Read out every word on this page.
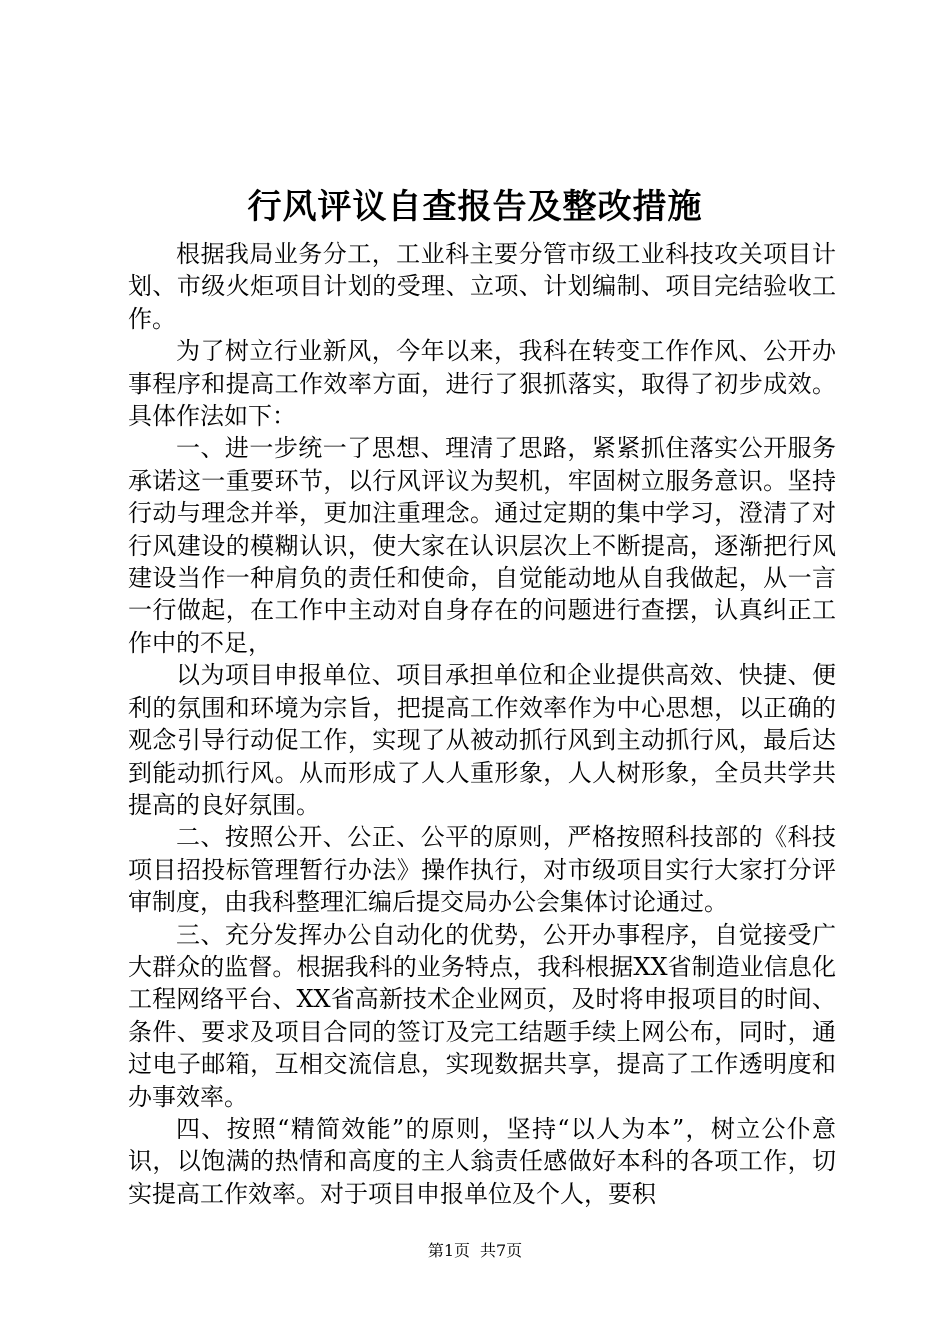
行风评议自查报告及整改措施

根据我局业务分工，工业科主要分管市级工业科技攻关项目计划、市级火炬项目计划的受理、立项、计划编制、项目完结验收工作。

为了树立行业新风，今年以来，我科在转变工作作风、公开办事程序和提高工作效率方面，进行了狠抓落实，取得了初步成效。具体作法如下：

一、进一步统一了思想、理清了思路，紧紧抓住落实公开服务承诺这一重要环节，以行风评议为契机，牢固树立服务意识。坚持行动与理念并举，更加注重理念。通过定期的集中学习，澄清了对行风建设的模糊认识，使大家在认识层次上不断提高，逐渐把行风建设当作一种肩负的责任和使命，自觉能动地从自我做起，从一言一行做起，在工作中主动对自身存在的问题进行查摆，认真纠正工作中的不足，

以为项目申报单位、项目承担单位和企业提供高效、快捷、便利的氛围和环境为宗旨，把提高工作效率作为中心思想，以正确的观念引导行动促工作，实现了从被动抓行风到主动抓行风，最后达到能动抓行风。从而形成了人人重形象，人人树形象，全员共学共提高的良好氛围。

二、按照公开、公正、公平的原则，严格按照科技部的《科技项目招投标管理暂行办法》操作执行，对市级项目实行大家打分评审制度，由我科整理汇编后提交局办公会集体讨论通过。

三、充分发挥办公自动化的优势，公开办事程序，自觉接受广大群众的监督。根据我科的业务特点，我科根据XX省制造业信息化工程网络平台、XX省高新技术企业网页，及时将申报项目的时间、条件、要求及项目合同的签订及完工结题手续上网公布，同时，通过电子邮箱，互相交流信息，实现数据共享，提高了工作透明度和办事效率。

四、按照“精简效能”的原则，坚持“以人为本”，树立公仆意识，以饱满的热情和高度的主人翁责任感做好本科的各项工作，切实提高工作效率。对于项目申报单位及个人，要积

第1页 共7页
